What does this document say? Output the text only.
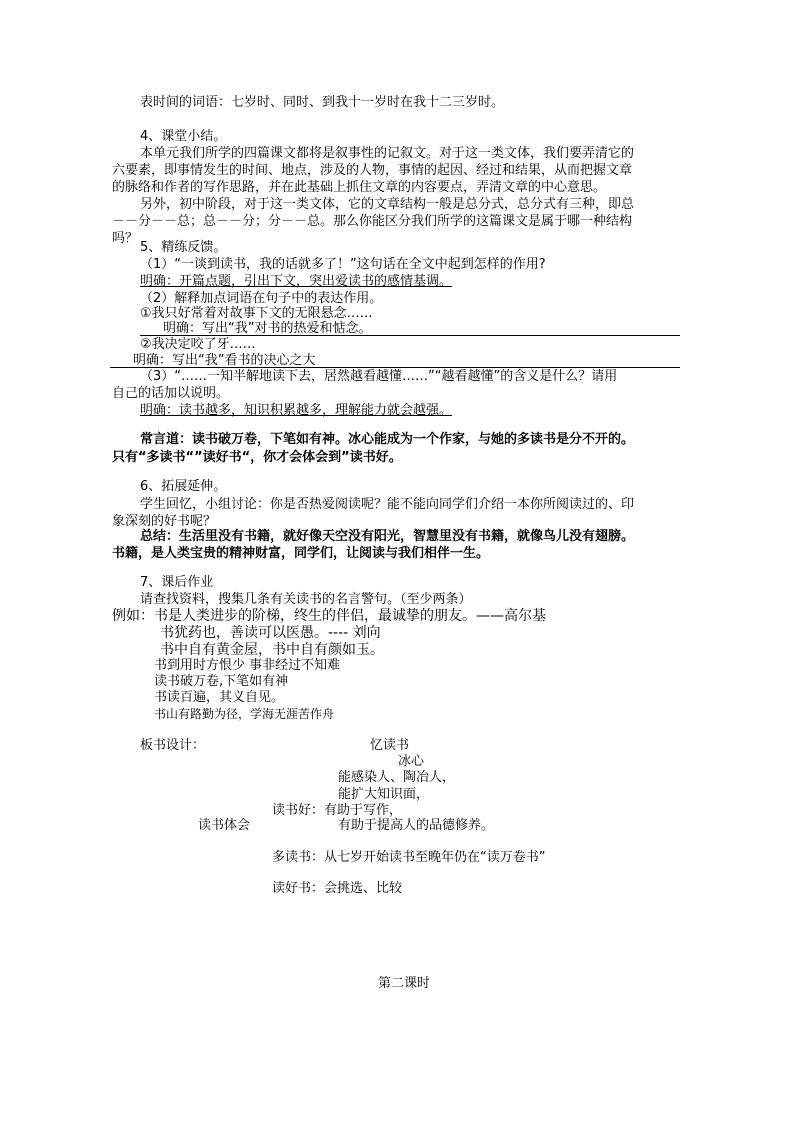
表时间的词语：七岁时、同时、到我十一岁时在我十二三岁时。
4、课堂小结。
本单元我们所学的四篇课文都将是叙事性的记叙文。对于这一类文体，我们要弄清它的
六要素，即事情发生的时间、地点，涉及的人物，事情的起因、经过和结果，从而把握文章
的脉络和作者的写作思路，并在此基础上抓住文章的内容要点，弄清文章的中心意思。
另外，初中阶段，对于这一类文体，它的文章结构一般是总分式，总分式有三种，即总
－－分－－总；总－－分；分－－总。那么你能区分我们所学的这篇课文是属于哪一种结构
吗？
5、精练反馈。
（1）“一谈到读书，我的话就多了！”这句话在全文中起到怎样的作用?
明确：开篇点题，引出下文，突出爱读书的感情基调。
（2）解释加点词语在句子中的表达作用。
①我只好常着对故事下文的无限悬念……
明确：写出“我”对书的热爱和惦念。
②我决定咬了牙……
明确：写出“我”看书的决心之大
（3）“……一知半解地读下去，居然越看越懂……”“越看越懂”的含义是什么？请用
自己的话加以说明。
明确：读书越多，知识积累越多，理解能力就会越强。
常言道：读书破万卷，下笔如有神。冰心能成为一个作家，与她的多读书是分不开的。
只有“多读书“”读好书“，你才会体会到”读书好。
6、拓展延伸。
学生回忆，小组讨论：你是否热爱阅读呢？能不能向同学们介绍一本你所阅读过的、印
象深刻的好书呢？
总结：生活里没有书籍，就好像天空没有阳光，智慧里没有书籍，就像鸟儿没有翅膀。
书籍，是人类宝贵的精神财富，同学们，让阅读与我们相伴一生。
7、课后作业
请查找资料，搜集几条有关读书的名言警句。（至少两条）
例如：书是人类进步的阶梯，终生的伴侣，最诚挚的朋友。——高尔基
书犹药也，善读可以医愚。---- 刘向
书中自有黄金屋，书中自有颜如玉。
书到用时方恨少 事非经过不知难
读书破万卷,下笔如有神
书读百遍，其义自见。
书山有路勤为径，学海无涯苦作舟
板书设计：	忆读书
冰心
能感染人、陶冶人，
能扩大知识面，
读书好：有助于写作，
读书体会	有助于提高人的品德修养。
多读书：从七岁开始读书至晚年仍在“读万卷书”
读好书：会挑选、比较
第二课时
